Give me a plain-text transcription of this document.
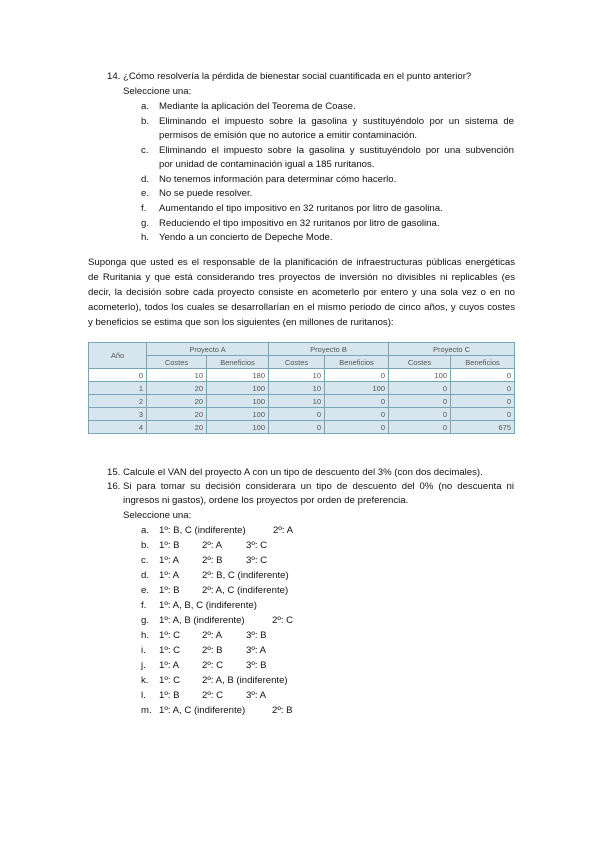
14. ¿Cómo resolvería la pérdida de bienestar social cuantificada en el punto anterior?
Seleccione una:
a. Mediante la aplicación del Teorema de Coase.
b. Eliminando el impuesto sobre la gasolina y sustituyéndolo por un sistema de
permisos de emisión que no autorice a emitir contaminación.
c. Eliminando el impuesto sobre la gasolina y sustituyéndolo por una subvención
por unidad de contaminación igual a 185 ruritanos.
d. No tenemos información para determinar cómo hacerlo.
e. No se puede resolver.
f. Aumentando el tipo impositivo en 32 ruritanos por litro de gasolina.
g. Reduciendo el tipo impositivo en 32 ruritanos por litro de gasolina.
h. Yendo a un concierto de Depeche Mode.
Suponga que usted es el responsable de la planificación de infraestructuras públicas energéticas
de Ruritania y que está considerando tres proyectos de inversión no divisibles ni replicables (es
decir, la decisión sobre cada proyecto consiste en acometerlo por entero y una sola vez o en no
acometerlo), todos los cuales se desarrollarían en el mismo periodo de cinco años, y cuyos costes
y beneficios se estima que son los siguientes (en millones de ruritanos):
Año	Proyecto A		Proyecto B		Proyecto C	
	Costes	Beneficios	Costes	Beneficios	Costes	Beneficios
0	10	180	10	0	100	0
1	20	100	10	100	0	0
2	20	100	10	0	0	0
3	20	100	0	0	0	0
4	20	100	0	0	0	675
15. Calcule el VAN del proyecto A con un tipo de descuento del 3% (con dos decimales).
16. Si para tomar su decisión considerara un tipo de descuento del 0% (no descuenta ni
ingresos ni gastos), ordene los proyectos por orden de preferencia.
Seleccione una:
a. 1º: B, C (indiferente)	2º: A
b. 1º: B 2º: A 3º: C
c. 1º: A 2º: B 3º: C
d. 1º: A 2º: B, C (indiferente)
e. 1º: B 2º: A, C (indiferente)
f. 1º: A, B, C (indiferente)
g. 1º: A, B (indiferente)	2º: C
h. 1º: C 2º: A 3º: B
i. 1º: C 2º: B 3º: A
j. 1º: A 2º: C 3º: B
k. 1º: C 2º: A, B (indiferente)
l. 1º: B 2º: C 3º: A
m. 1º: A, C (indiferente)	2º: B
